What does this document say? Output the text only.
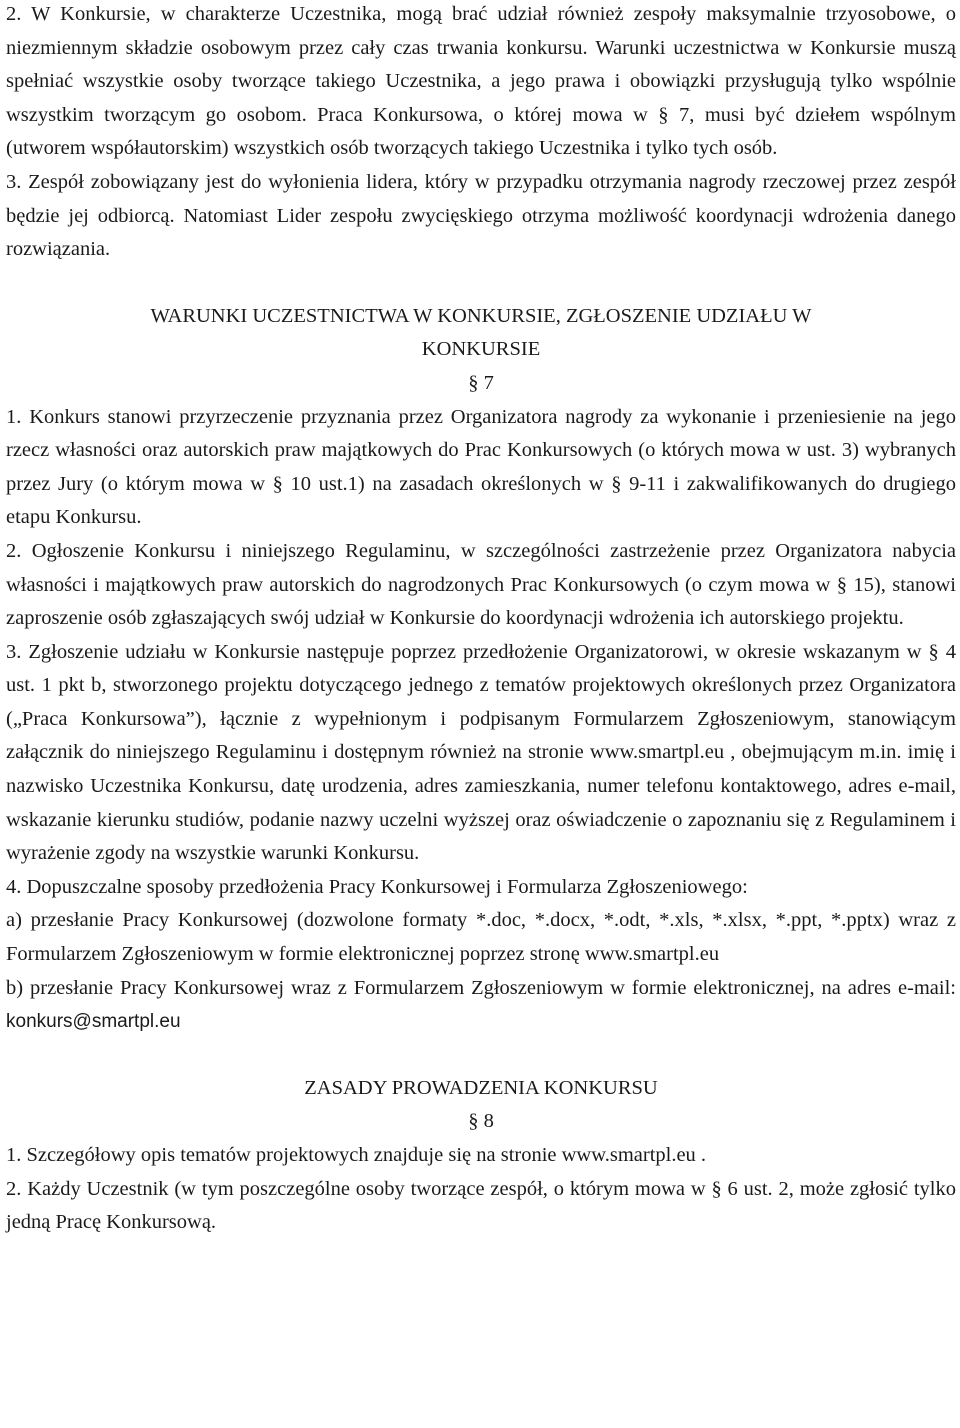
2. W Konkursie, w charakterze Uczestnika, mogą brać udział również zespoły maksymalnie trzyosobowe, o niezmiennym składzie osobowym przez cały czas trwania konkursu. Warunki uczestnictwa w Konkursie muszą spełniać wszystkie osoby tworzące takiego Uczestnika, a jego prawa i obowiązki przysługują tylko wspólnie wszystkim tworzącym go osobom. Praca Konkursowa, o której mowa w § 7, musi być dziełem wspólnym (utworem współautorskim) wszystkich osób tworzących takiego Uczestnika i tylko tych osób.

3. Zespół zobowiązany jest do wyłonienia lidera, który w przypadku otrzymania nagrody rzeczowej przez zespół będzie jej odbiorcą. Natomiast Lider zespołu zwycięskiego otrzyma możliwość koordynacji wdrożenia danego rozwiązania.

WARUNKI UCZESTNICTWA W KONKURSIE, ZGŁOSZENIE UDZIAŁU W

KONKURSIE

§ 7

1. Konkurs stanowi przyrzeczenie przyznania przez Organizatora nagrody za wykonanie i przeniesienie na jego rzecz własności oraz autorskich praw majątkowych do Prac Konkursowych (o których mowa w ust. 3) wybranych przez Jury (o którym mowa w § 10 ust.1) na zasadach określonych w § 9-11 i zakwalifikowanych do drugiego etapu Konkursu.

2. Ogłoszenie Konkursu i niniejszego Regulaminu, w szczególności zastrzeżenie przez Organizatora nabycia własności i majątkowych praw autorskich do nagrodzonych Prac Konkursowych (o czym mowa w § 15), stanowi zaproszenie osób zgłaszających swój udział w Konkursie do koordynacji wdrożenia ich autorskiego projektu.

3. Zgłoszenie udziału w Konkursie następuje poprzez przedłożenie Organizatorowi, w okresie wskazanym w § 4 ust. 1 pkt b, stworzonego projektu dotyczącego jednego z tematów projektowych określonych przez Organizatora („Praca Konkursowa”), łącznie z wypełnionym i podpisanym Formularzem Zgłoszeniowym, stanowiącym załącznik do niniejszego Regulaminu i dostępnym również na stronie www.smartpl.eu , obejmującym m.in. imię i nazwisko Uczestnika Konkursu, datę urodzenia, adres zamieszkania, numer telefonu kontaktowego, adres e-mail, wskazanie kierunku studiów, podanie nazwy uczelni wyższej oraz oświadczenie o zapoznaniu się z Regulaminem i wyrażenie zgody na wszystkie warunki Konkursu.

4. Dopuszczalne sposoby przedłożenia Pracy Konkursowej i Formularza Zgłoszeniowego:

a) przesłanie Pracy Konkursowej (dozwolone formaty *.doc, *.docx, *.odt, *.xls, *.xlsx, *.ppt, *.pptx) wraz z Formularzem Zgłoszeniowym w formie elektronicznej poprzez stronę www.smartpl.eu

b) przesłanie Pracy Konkursowej wraz z Formularzem Zgłoszeniowym w formie elektronicznej, na adres e-mail: konkurs@smartpl.eu

ZASADY PROWADZENIA KONKURSU

§ 8

1. Szczegółowy opis tematów projektowych znajduje się na stronie www.smartpl.eu .

2. Każdy Uczestnik (w tym poszczególne osoby tworzące zespół, o którym mowa w § 6 ust. 2, może zgłosić tylko jedną Pracę Konkursową.
